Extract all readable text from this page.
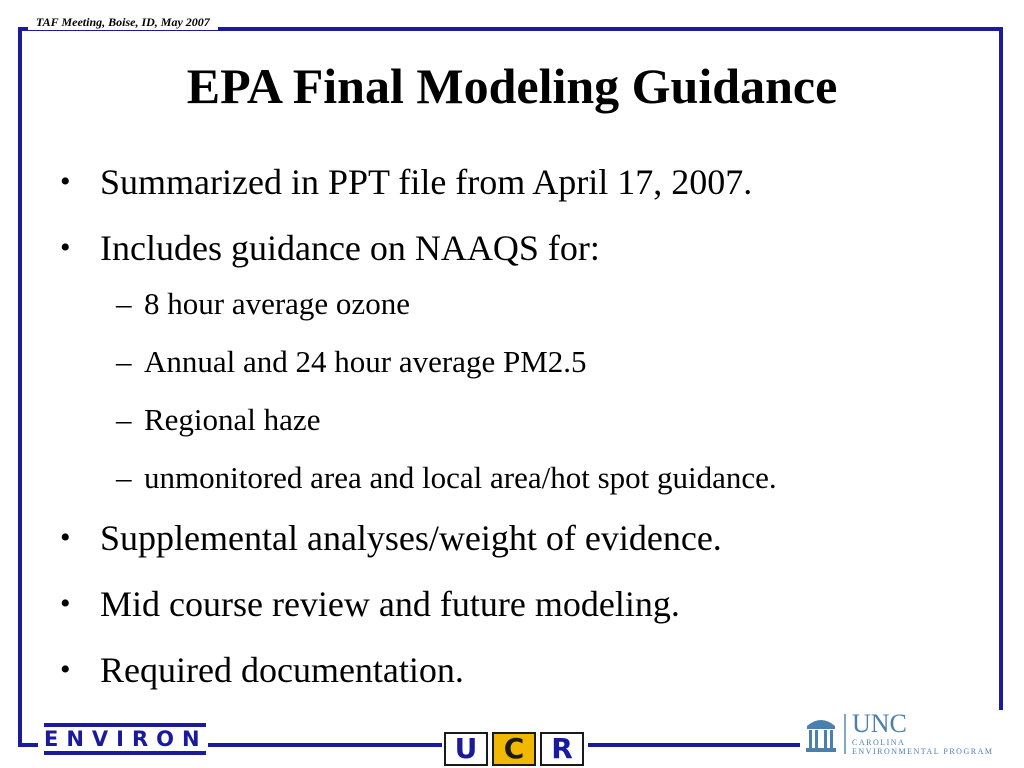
TAF Meeting, Boise, ID, May 2007
EPA Final Modeling Guidance
• Summarized in PPT file from April 17, 2007.
• Includes guidance on NAAQS for:
– 8 hour average ozone
– Annual and 24 hour average PM2.5
– Regional haze
– unmonitored area and local area/hot spot guidance.
• Supplemental analyses/weight of evidence.
• Mid course review and future modeling.
• Required documentation.
ENVIRON	U C R
UNC
CAROLINA
ENVIRONMENTAL PROGRAM
